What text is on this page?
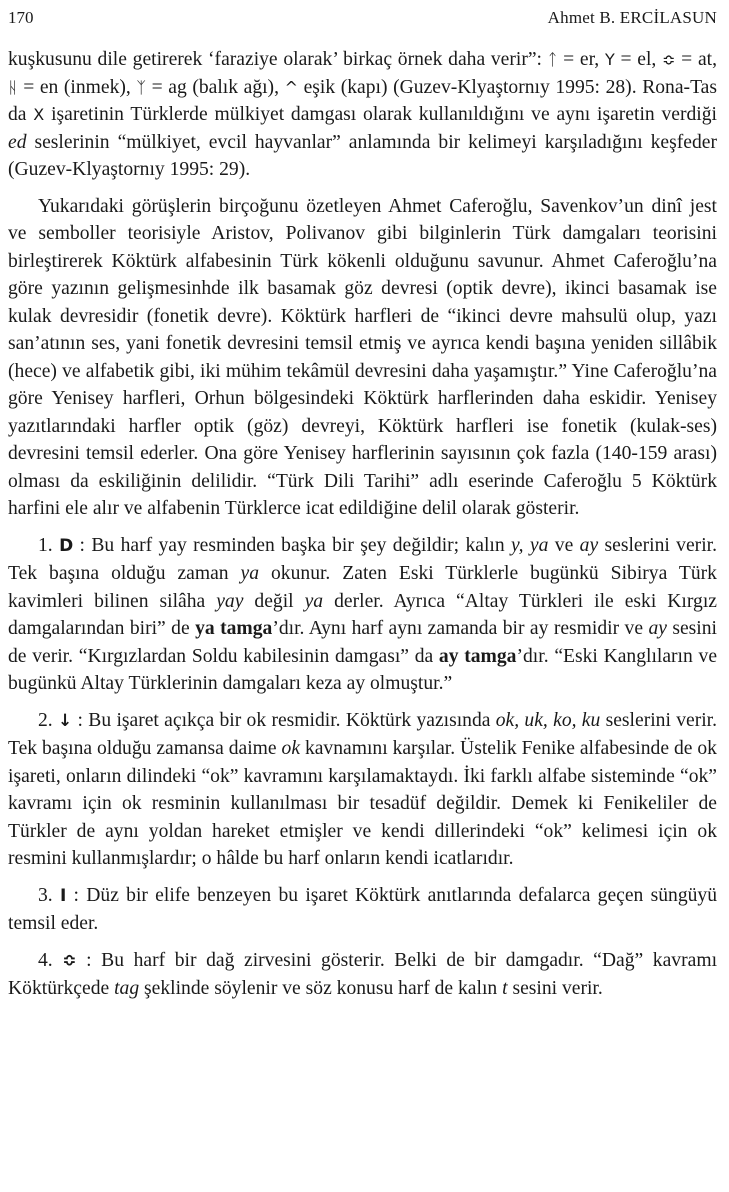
170	Ahmet B. ERCİLASUN

kuşkusunu dile getirerek ‘faraziye olarak’ birkaç örnek daha verir”: ᛏ = er, Y = el, ≎ = at, ᚺ = en (inmek), ᛉ = ag (balık ağı), ^ eşik (kapı) (Guzev-Klyaştornıy 1995: 28). Rona-Tas da X işaretinin Türklerde mülkiyet damgası olarak kullanıldığını ve aynı işaretin verdiği ed seslerinin “mülkiyet, evcil hayvanlar” anlamında bir kelimeyi karşıladığını keşfeder (Guzev-Klyaştornıy 1995: 29).

Yukarıdaki görüşlerin birçoğunu özetleyen Ahmet Caferoğlu, Savenkov’un dinî jest ve semboller teorisiyle Aristov, Polivanov gibi bilginlerin Türk damgaları teorisini birleştirerek Köktürk alfabesinin Türk kökenli olduğunu savunur. Ahmet Caferoğlu’na göre yazının gelişmesinhde ilk basamak göz devresi (optik devre), ikinci basamak ise kulak devresidir (fonetik devre). Köktürk harfleri de “ikinci devre mahsulü olup, yazı san’atının ses, yani fonetik devresini temsil etmiş ve ayrıca kendi başına yeniden sillâbik (hece) ve alfabetik gibi, iki mühim tekâmül devresini daha yaşamıştır.” Yine Caferoğlu’na göre Yenisey harfleri, Orhun bölgesindeki Köktürk harflerinden daha eskidir. Yenisey yazıtlarındaki harfler optik (göz) devreyi, Köktürk harfleri ise fonetik (kulak-ses) devresini temsil ederler. Ona göre Yenisey harflerinin sayısının çok fazla (140-159 arası) olması da eskiliğinin delilidir. “Türk Dili Tarihi” adlı eserinde Caferoğlu 5 Köktürk harfini ele alır ve alfabenin Türklerce icat edildiğine delil olarak gösterir.

1. D : Bu harf yay resminden başka bir şey değildir; kalın y, ya ve ay seslerini verir. Tek başına olduğu zaman ya okunur. Zaten Eski Türklerle bugünkü Sibirya Türk kavimleri bilinen silâha yay değil ya derler. Ayrıca “Altay Türkleri ile eski Kırgız damgalarından biri” de ya tamga’dır. Aynı harf aynı zamanda bir ay resmidir ve ay sesini de verir. “Kırgızlardan Soldu kabilesinin damgası” da ay tamga’dır. “Eski Kanglıların ve bugünkü Altay Türklerinin damgaları keza ay olmuştur.”

2. ↓ : Bu işaret açıkça bir ok resmidir. Köktürk yazısında ok, uk, ko, ku seslerini verir. Tek başına olduğu zamansa daime ok kavnamını karşılar. Üstelik Fenike alfabesinde de ok işareti, onların dilindeki “ok” kavramını karşılamaktaydı. İki farklı alfabe sisteminde “ok” kavramı için ok resminin kullanılması bir tesadüf değildir. Demek ki Fenikeliler de Türkler de aynı yoldan hareket etmişler ve kendi dillerindeki “ok” kelimesi için ok resmini kullanmışlardır; o hâlde bu harf onların kendi icatlarıdır.

3. I : Düz bir elife benzeyen bu işaret Köktürk anıtlarında defalarca geçen süngüyü temsil eder.

4. ≎ : Bu harf bir dağ zirvesini gösterir. Belki de bir damgadır. “Dağ” kavramı Köktürkçede tag şeklinde söylenir ve söz konusu harf de kalın t sesini verir.
